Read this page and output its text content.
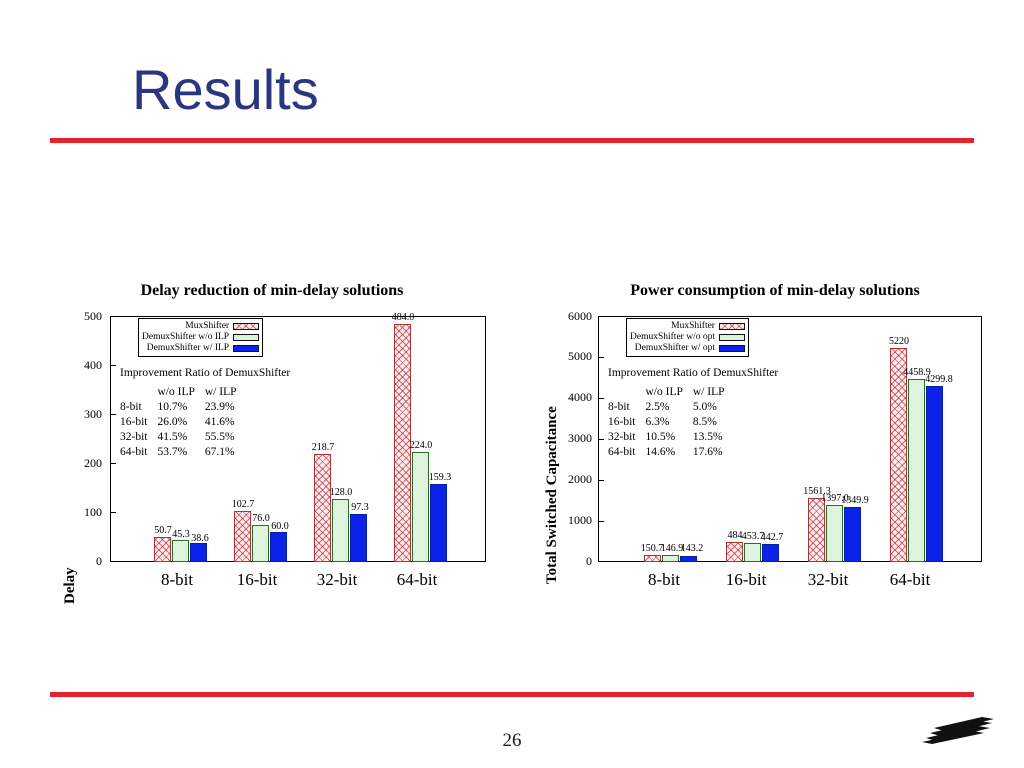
Results
26
Delay reduction of min-delay solutions
Delay
500
400
300
200
100
0
MuxShifter
DemuxShifter w/o ILP
DemuxShifter w/ ILP
Improvement Ratio of DemuxShifter
	w/o ILP	w/ ILP
8-bit	10.7%	23.9%
16-bit	26.0%	41.6%
32-bit	41.5%	55.5%
64-bit	53.7%	67.1%
50.7 45.3 38.6
102.7
76.0
60.0
218.7
128.0
97.3
484.0
224.0
159.3
8-bit	16-bit	32-bit	64-bit
Power consumption of min-delay solutions
Total Switched Capacitance
6000
5000
4000
3000
2000
1000
0
MuxShifter
DemuxShifter w/o opt
DemuxShifter w/ opt
Improvement Ratio of DemuxShifter
	w/o ILP	w/ ILP
8-bit	2.5%	5.0%
16-bit	6.3%	8.5%
32-bit	10.5%	13.5%
64-bit	14.6%	17.6%
150.7
146.9
143.2
484 453.7
442.7
1561.3
1397.0
1349.9
5220
4458.9
4299.8
8-bit	16-bit	32-bit	64-bit
